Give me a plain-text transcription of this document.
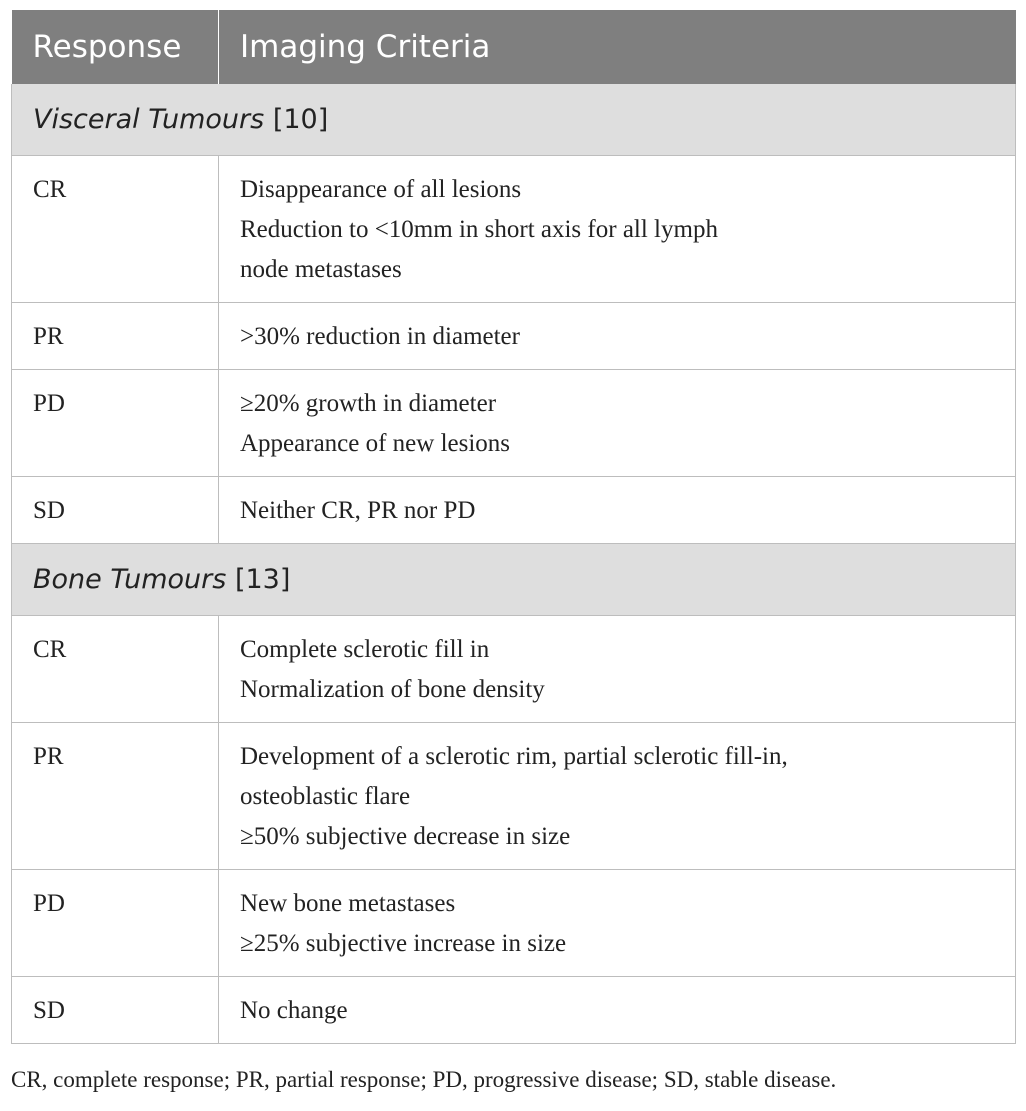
Response	Imaging Criteria
Visceral Tumours [10]	
CR	Disappearance of all lesions
Reduction to <10mm in short axis for all lymph
node metastases

PR	>30% reduction in diameter

PD	≥20% growth in diameter
Appearance of new lesions

SD	Neither CR, PR nor PD

Bone Tumours [13]	
CR	Complete sclerotic fill in
Normalization of bone density

PR	Development of a sclerotic rim, partial sclerotic fill-in,
osteoblastic flare
≥50% subjective decrease in size

PD	New bone metastases
≥25% subjective increase in size

SD	No change
CR, complete response; PR, partial response; PD, progressive disease; SD, stable disease.
